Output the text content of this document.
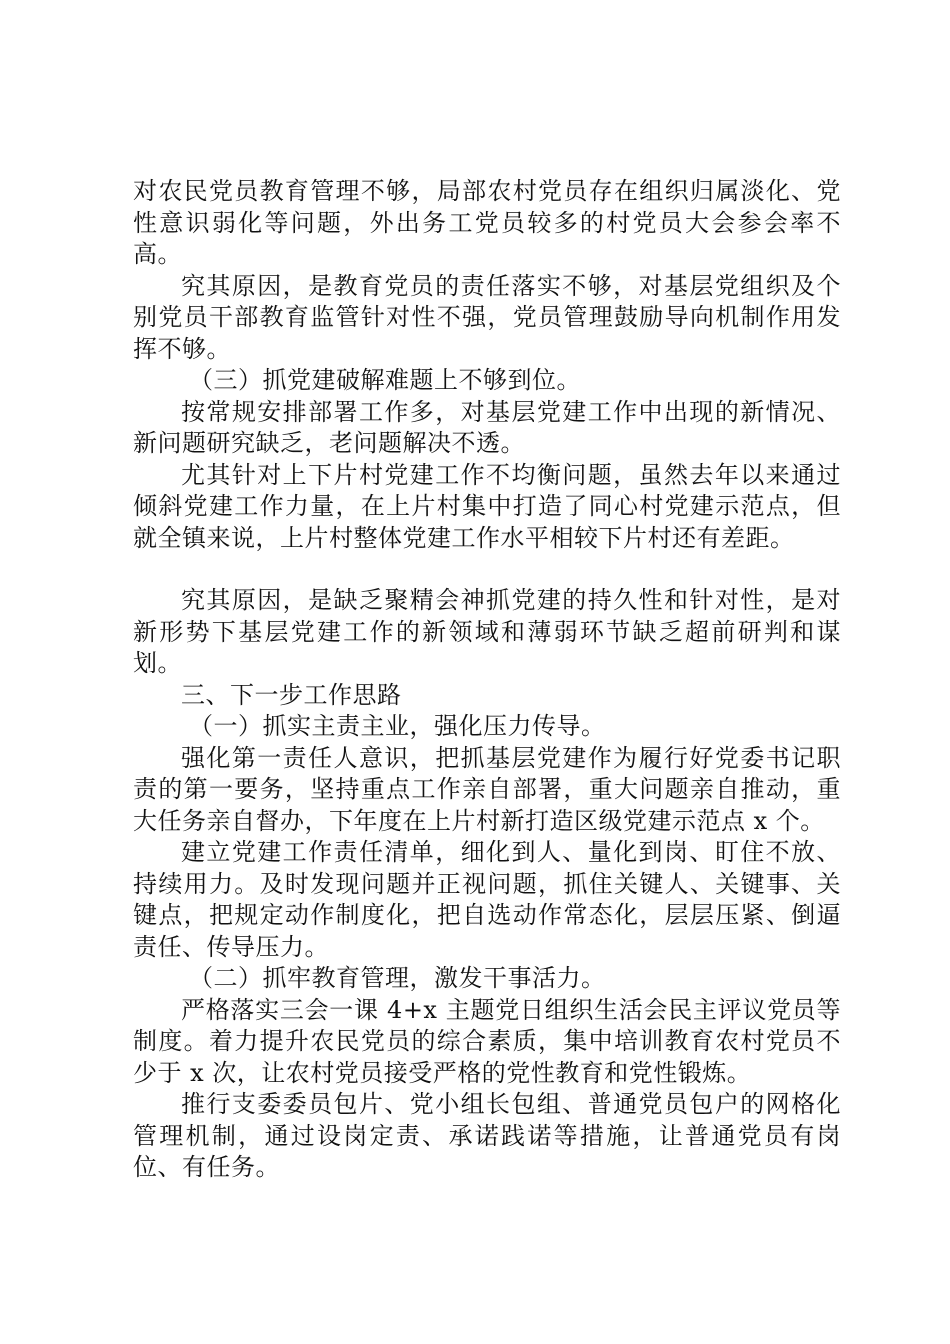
对农民党员教育管理不够，局部农村党员存在组织归属淡化、党性意识弱化等问题，外出务工党员较多的村党员大会参会率不高。

究其原因，是教育党员的责任落实不够，对基层党组织及个别党员干部教育监管针对性不强，党员管理鼓励导向机制作用发挥不够。

（三）抓党建破解难题上不够到位。

按常规安排部署工作多，对基层党建工作中出现的新情况、新问题研究缺乏，老问题解决不透。

尤其针对上下片村党建工作不均衡问题，虽然去年以来通过倾斜党建工作力量，在上片村集中打造了同心村党建示范点，但就全镇来说，上片村整体党建工作水平相较下片村还有差距。

究其原因，是缺乏聚精会神抓党建的持久性和针对性，是对新形势下基层党建工作的新领域和薄弱环节缺乏超前研判和谋划。

三、下一步工作思路

（一）抓实主责主业，强化压力传导。

强化第一责任人意识，把抓基层党建作为履行好党委书记职责的第一要务，坚持重点工作亲自部署，重大问题亲自推动，重大任务亲自督办，下年度在上片村新打造区级党建示范点 x 个。

建立党建工作责任清单，细化到人、量化到岗、盯住不放、持续用力。及时发现问题并正视问题，抓住关键人、关键事、关键点，把规定动作制度化，把自选动作常态化，层层压紧、倒逼责任、传导压力。

（二）抓牢教育管理，激发干事活力。

严格落实三会一课 4+x 主题党日组织生活会民主评议党员等制度。着力提升农民党员的综合素质，集中培训教育农村党员不少于 x 次，让农村党员接受严格的党性教育和党性锻炼。

推行支委委员包片、党小组长包组、普通党员包户的网格化管理机制，通过设岗定责、承诺践诺等措施，让普通党员有岗位、有任务。
